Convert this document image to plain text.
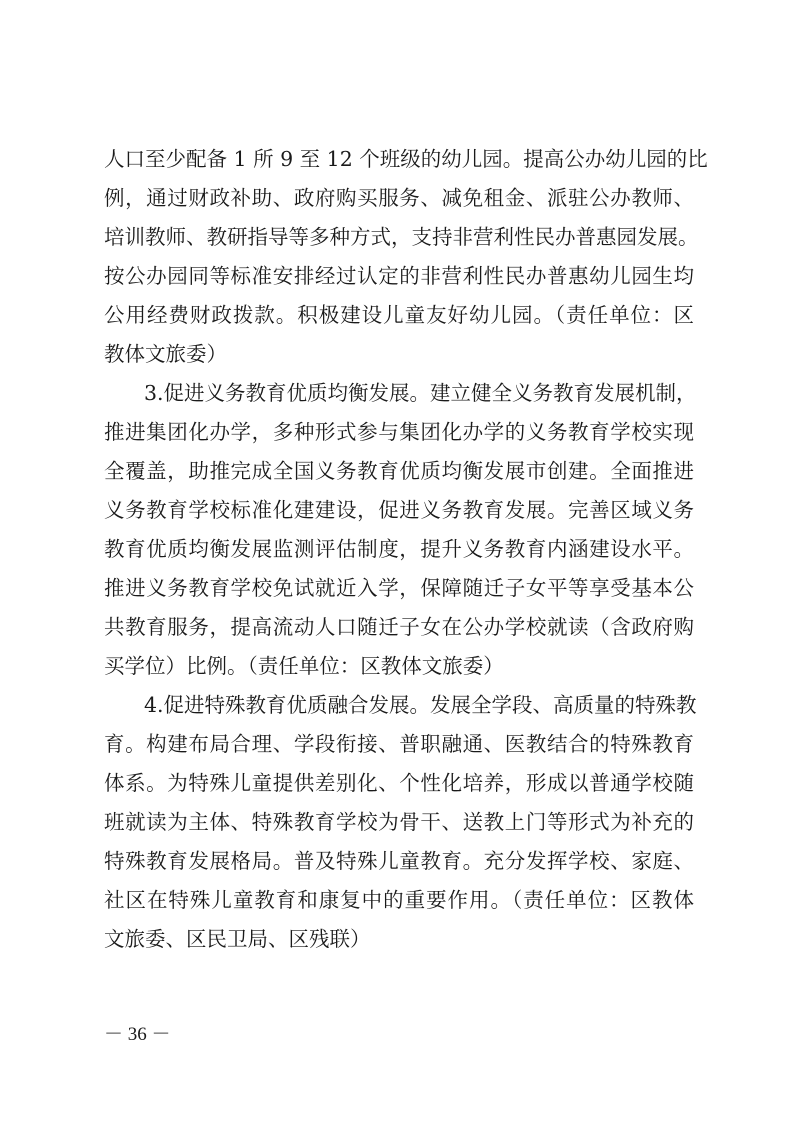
人口至少配备 1 所 9 至 12 个班级的幼儿园。提高公办幼儿园的比
例，通过财政补助、政府购买服务、减免租金、派驻公办教师、
培训教师、教研指导等多种方式，支持非营利性民办普惠园发展。
按公办园同等标准安排经过认定的非营利性民办普惠幼儿园生均
公用经费财政拨款。积极建设儿童友好幼儿园。（责任单位：区
教体文旅委）
3.促进义务教育优质均衡发展。建立健全义务教育发展机制，
推进集团化办学，多种形式参与集团化办学的义务教育学校实现
全覆盖，助推完成全国义务教育优质均衡发展市创建。全面推进
义务教育学校标准化建建设，促进义务教育发展。完善区域义务
教育优质均衡发展监测评估制度，提升义务教育内涵建设水平。
推进义务教育学校免试就近入学，保障随迁子女平等享受基本公
共教育服务，提高流动人口随迁子女在公办学校就读（含政府购
买学位）比例。（责任单位：区教体文旅委）
4.促进特殊教育优质融合发展。发展全学段、高质量的特殊教
育。构建布局合理、学段衔接、普职融通、医教结合的特殊教育
体系。为特殊儿童提供差别化、个性化培养，形成以普通学校随
班就读为主体、特殊教育学校为骨干、送教上门等形式为补充的
特殊教育发展格局。普及特殊儿童教育。充分发挥学校、家庭、
社区在特殊儿童教育和康复中的重要作用。（责任单位：区教体
文旅委、区民卫局、区残联）
－ 36 －
